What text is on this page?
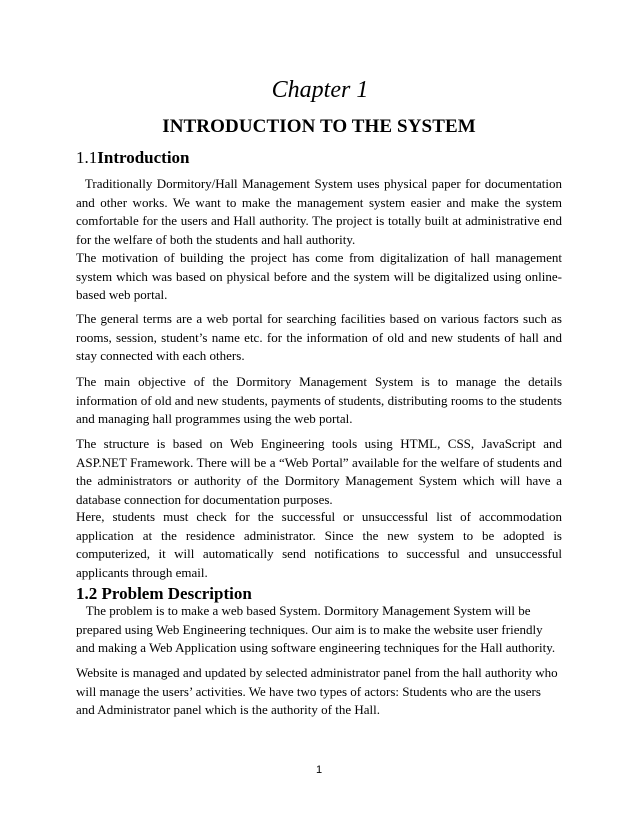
Chapter 1
INTRODUCTION TO THE SYSTEM
1.1Introduction

Traditionally Dormitory/Hall Management System uses physical paper for documentation and other works. We want to make the management system easier and make the system comfortable for the users and Hall authority. The project is totally built at administrative end for the welfare of both the students and hall authority.

The motivation of building the project has come from digitalization of hall management system which was based on physical before and the system will be digitalized using online-based web portal.

The general terms are a web portal for searching facilities based on various factors such as rooms, session, student’s name etc. for the information of old and new students of hall and stay connected with each others.

The main objective of the Dormitory Management System is to manage the details information of old and new students, payments of students, distributing rooms to the students and managing hall programmes using the web portal.

The structure is based on Web Engineering tools using HTML, CSS, JavaScript and ASP.NET Framework. There will be a “Web Portal” available for the welfare of students and the administrators or authority of the Dormitory Management System which will have a database connection for documentation purposes.

Here, students must check for the successful or unsuccessful list of accommodation application at the residence administrator. Since the new system to be adopted is computerized, it will automatically send notifications to successful and unsuccessful applicants through email.

1.2 Problem Description

The problem is to make a web based System. Dormitory Management System will be prepared using Web Engineering techniques. Our aim is to make the website user friendly and making a Web Application using software engineering techniques for the Hall authority.

Website is managed and updated by selected administrator panel from the hall authority who will manage the users’ activities. We have two types of actors: Students who are the users and Administrator panel which is the authority of the Hall.

1
